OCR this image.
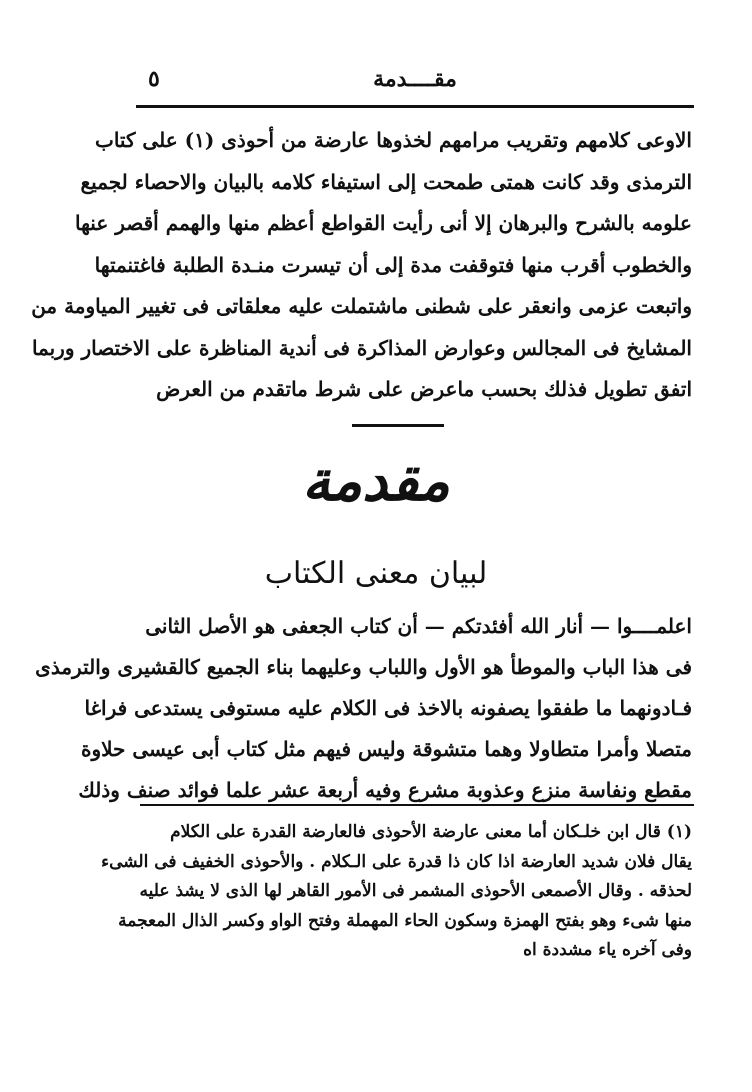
مقــــدمة
٥

الاوعى كلامهم وتقريب مرامهم لخذوها عارضة من أحوذى (١) على كتاب

الترمذى وقد كانت همتى طمحت إلى استيفاء كلامه بالبيان والاحصاء لجميع

علومه بالشرح والبرهان إلا أنى رأيت القواطع أعظم منها والهمم أقصر عنها

والخطوب أقرب منها فتوقفت مدة إلى أن تيسرت منـدة الطلبة فاغتنمتها

واتبعت عزمى وانعقر على شطنى ماشتملت عليه معلقاتى فى تغيير المياومة من

المشايخ فى المجالس وعوارض المذاكرة فى أندية المناظرة على الاختصار وربما

اتفق تطويل فذلك بحسب ماعرض على شرط ماتقدم من العرض

مقدمة
لبيان معنى الكتاب

اعلمــــوا — أنار الله أفئدتكم — أن كتاب الجعفى هو الأصل الثانى

فى هذا الباب والموطأ هو الأول واللباب وعليهما بناء الجميع كالقشيرى والترمذى

فـادونهما ما طفقوا يصفونه بالاخذ فى الكلام عليه مستوفى يستدعى فراغا

متصلا وأمرا متطاولا وهما متشوقة وليس فيهم مثل كتاب أبى عيسى حلاوة

مقطع ونفاسة منزع وعذوبة مشرع وفيه أربعة عشر علما فوائد صنف وذلك

(١) قال ابن خلـكان أما معنى عارضة الأحوذى فالعارضة القدرة على الكلام

يقال فلان شديد العارضة اذا كان ذا قدرة على الـكلام . والأحوذى الخفيف فى الشىء

لحذقه . وقال الأصمعى الأحوذى المشمر فى الأمور القاهر لها الذى لا يشذ عليه

منها شىء وهو بفتح الهمزة وسكون الحاء المهملة وفتح الواو وكسر الذال المعجمة

وفى آخره ياء مشددة اه
